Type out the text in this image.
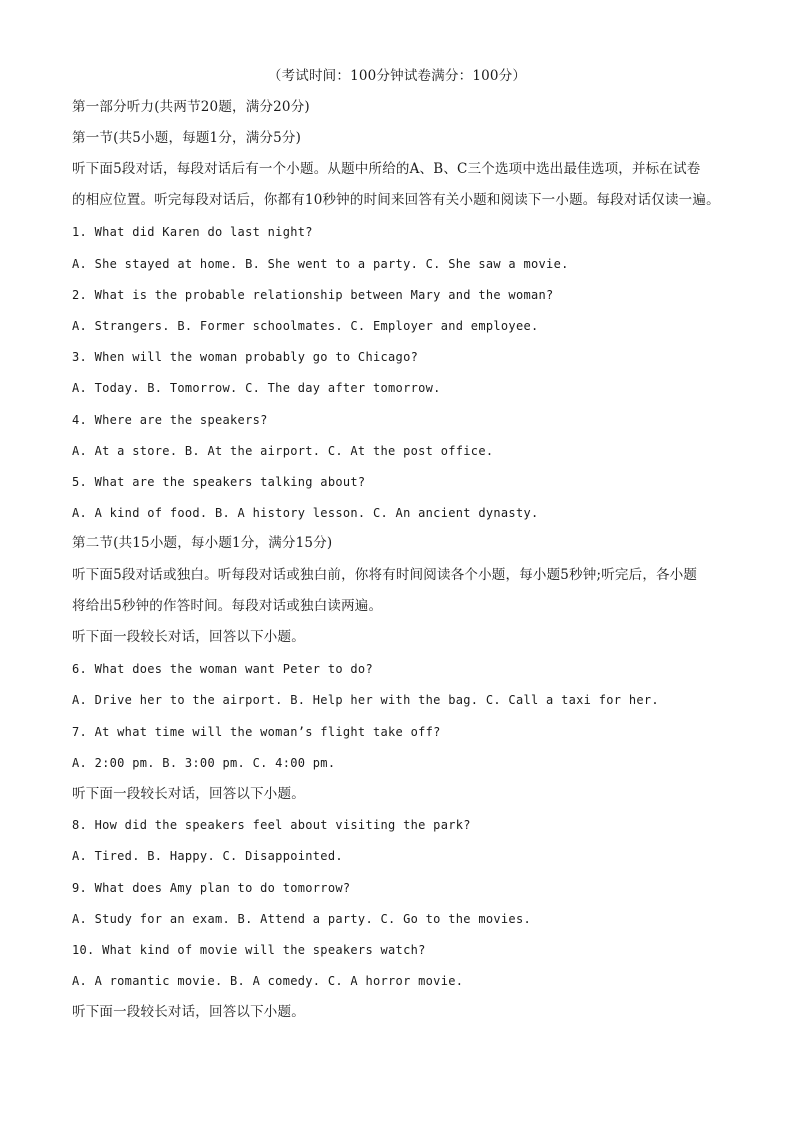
（考试时间：100分钟试卷满分：100分）
第一部分听力(共两节20题，满分20分)
第一节(共5小题，每题1分，满分5分)
听下面5段对话，每段对话后有一个小题。从题中所给的A、B、C三个选项中选出最佳选项，并标在试卷
的相应位置。听完每段对话后，你都有10秒钟的时间来回答有关小题和阅读下一小题。每段对话仅读一遍。
1. What did Karen do last night?
A. She stayed at home. B. She went to a party. C. She saw a movie.
2. What is the probable relationship between Mary and the woman?
A. Strangers. B. Former schoolmates. C. Employer and employee.
3. When will the woman probably go to Chicago?
A. Today. B. Tomorrow. C. The day after tomorrow.
4. Where are the speakers?
A. At a store. B. At the airport. C. At the post office.
5. What are the speakers talking about?
A. A kind of food. B. A history lesson. C. An ancient dynasty.
第二节(共15小题，每小题1分，满分15分)
听下面5段对话或独白。听每段对话或独白前，你将有时间阅读各个小题，每小题5秒钟;听完后，各小题
将给出5秒钟的作答时间。每段对话或独白读两遍。
听下面一段较长对话，回答以下小题。
6. What does the woman want Peter to do?
A. Drive her to the airport. B. Help her with the bag. C. Call a taxi for her.
7. At what time will the woman’s flight take off?
A. 2:00 pm. B. 3:00 pm. C. 4:00 pm.
听下面一段较长对话，回答以下小题。
8. How did the speakers feel about visiting the park?
A. Tired. B. Happy. C. Disappointed.
9. What does Amy plan to do tomorrow?
A. Study for an exam. B. Attend a party. C. Go to the movies.
10. What kind of movie will the speakers watch?
A. A romantic movie. B. A comedy. C. A horror movie.
听下面一段较长对话，回答以下小题。
